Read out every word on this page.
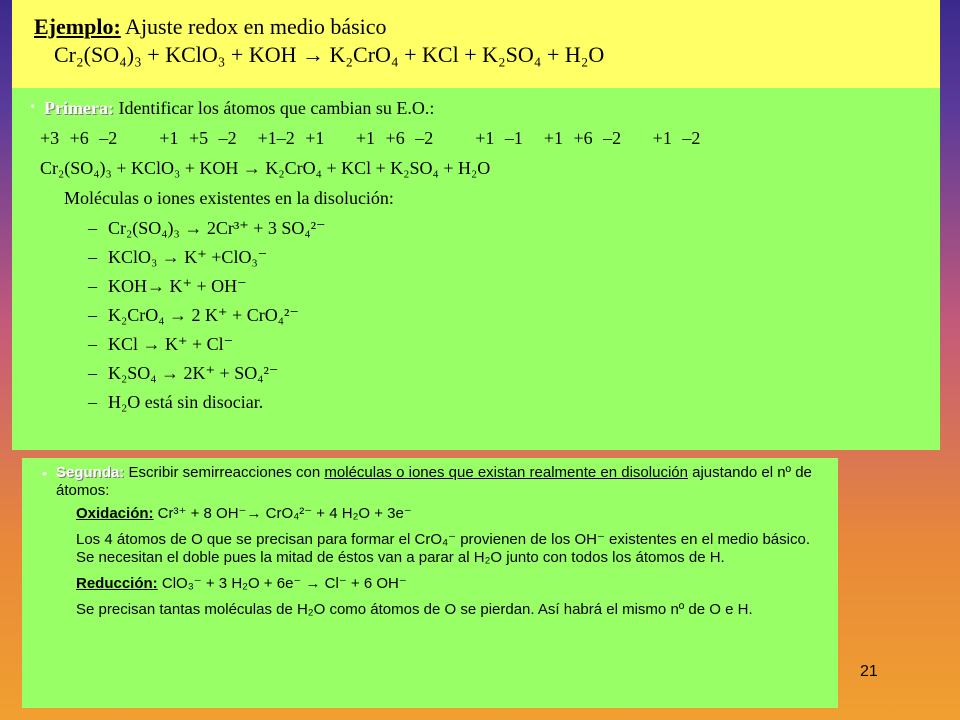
Ejemplo: Ajuste redox en medio básico
Cr₂(SO₄)₃ + KClO₃ + KOH → K₂CrO₄ + KCl + K₂SO₄ + H₂O
• Primera: Identificar los átomos que cambian su E.O.:
+3 +6 –2    +1 +5 –2  +1–2 +1   +1 +6 –2    +1 –1  +1 +6 –2   +1 –2
Cr₂(SO₄)₃ + KClO₃ + KOH → K₂CrO₄ + KCl + K₂SO₄ + H₂O
Moléculas o iones existentes en la disolución:
– Cr₂(SO₄)₃ → 2Cr³⁺ + 3 SO₄²⁻
– KClO₃ → K⁺ +ClO₃⁻
– KOH→ K⁺ + OH⁻
– K₂CrO₄ → 2 K⁺ + CrO₄²⁻
– KCl → K⁺ + Cl⁻
– K₂SO₄ → 2K⁺ + SO₄²⁻
– H₂O está sin disociar.
• Segunda: Escribir semirreacciones con moléculas o iones que existan realmente en disolución ajustando el nº de átomos:
Oxidación: Cr³⁺ + 8 OH⁻→ CrO₄²⁻ + 4 H₂O + 3e⁻
Los 4 átomos de O que se precisan para formar el CrO₄⁻ provienen de los OH⁻ existentes en el medio básico. Se necesitan el doble pues la mitad de éstos van a parar al H₂O junto con todos los átomos de H.
Reducción: ClO₃⁻ + 3 H₂O + 6e⁻ → Cl⁻ + 6 OH⁻
Se precisan tantas moléculas de H₂O como átomos de O se pierdan. Así habrá el mismo nº de O e H.
21
